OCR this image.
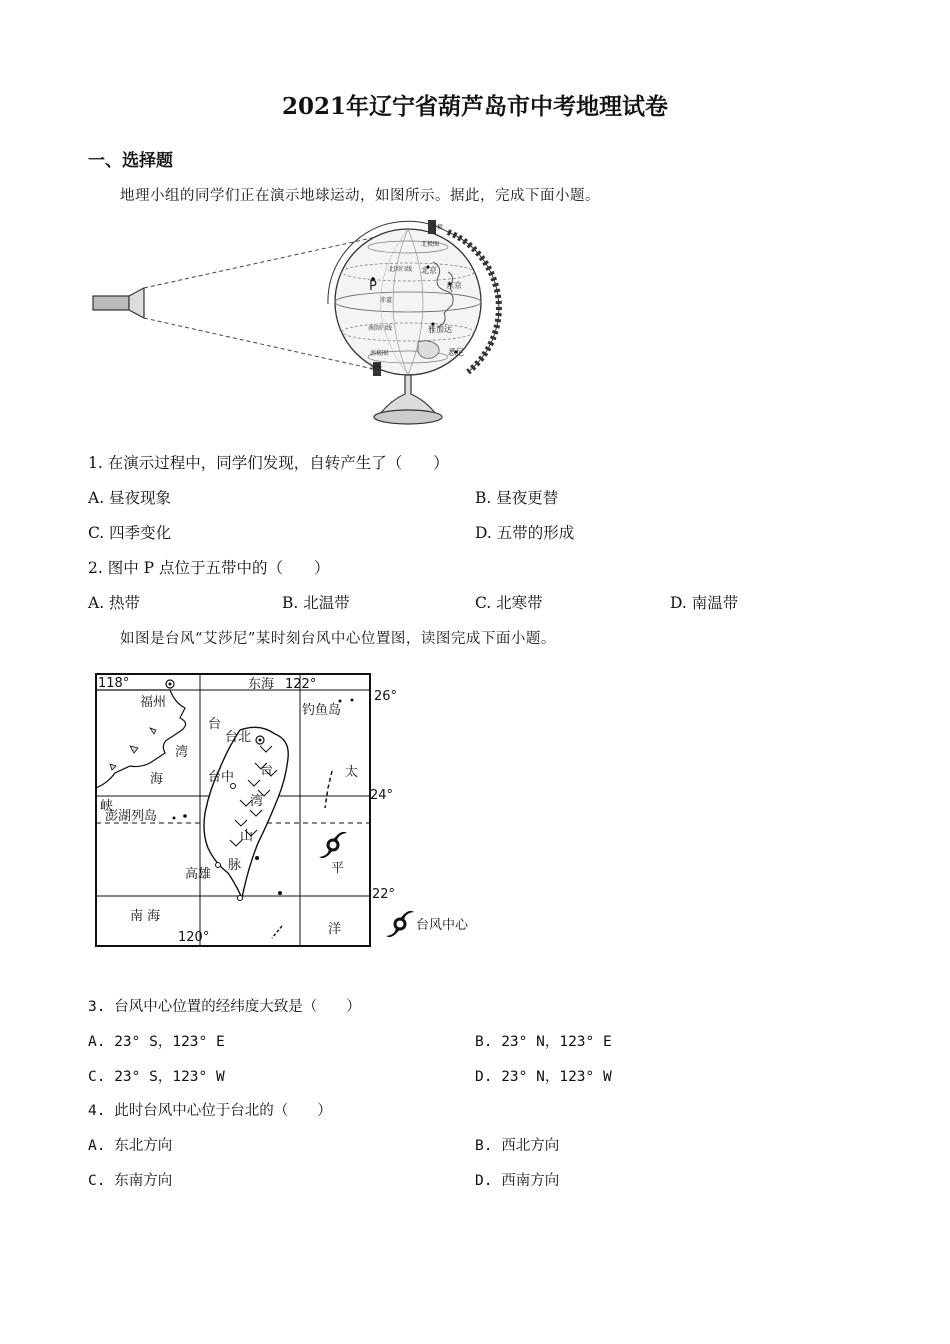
2021年辽宁省葫芦岛市中考地理试卷
一、选择题
地理小组的同学们正在演示地球运动，如图所示。据此，完成下面小题。
P
北京
东京
雅加达
悉尼
北极
北极圈
北回归线
赤道
南回归线
南极圈
南极
1. 在演示过程中，同学们发现，自转产生了（　　）
A. 昼夜现象	B. 昼夜更替
C. 四季变化	D. 五带的形成
2. 图中 P 点位于五带中的（　　）
A. 热带	B. 北温带	C. 北寒带	D. 南温带
如图是台风“艾莎尼”某时刻台风中心位置图，读图完成下面小题。
118°	东海 122°
26°
福州
钓鱼岛
台
湾
海
峡
台北
台中 台
湾
山
脉
太
平
洋
24°
澎湖列岛
高雄
22°
南 海
120°
台风中心
3. 台风中心位置的经纬度大致是（　　）
A. 23° S，123° E	B. 23° N，123° E
C. 23° S，123° W	D. 23° N，123° W
4. 此时台风中心位于台北的（　　）
A. 东北方向	B. 西北方向
C. 东南方向	D. 西南方向
